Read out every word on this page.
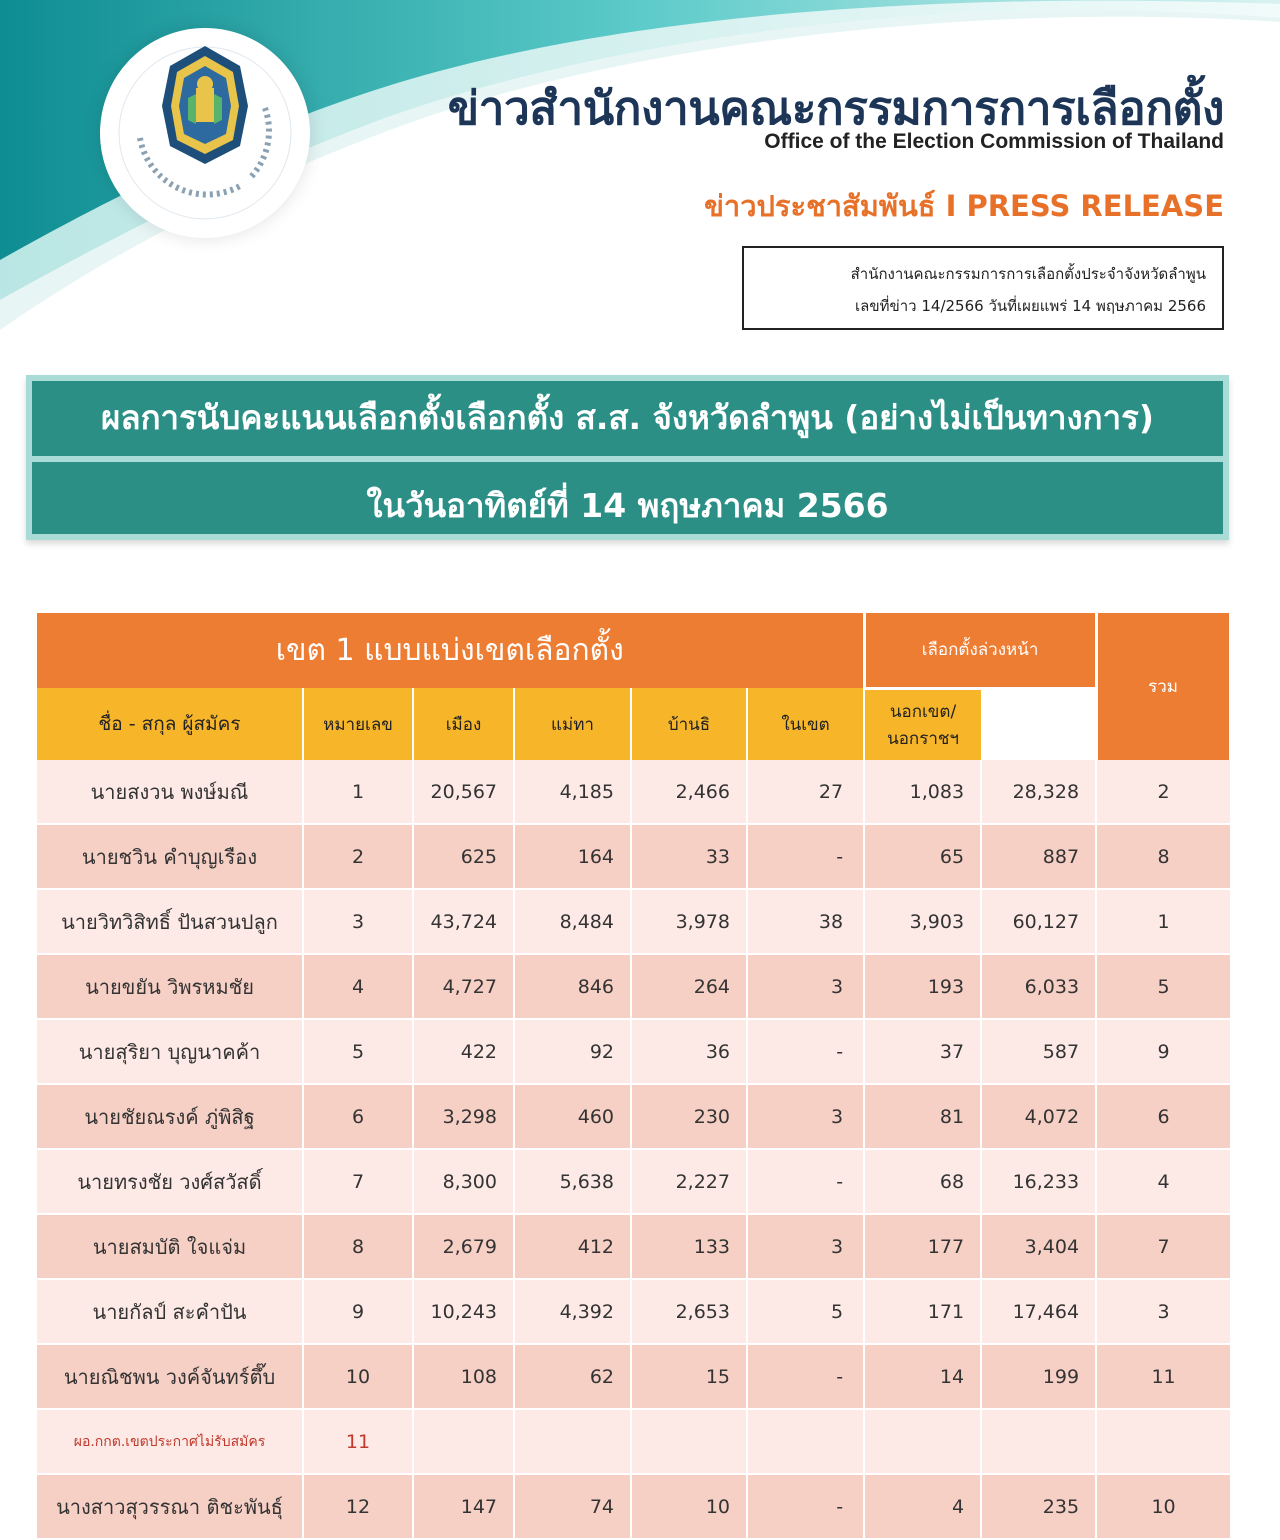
ข่าวสำนักงานคณะกรรมการการเลือกตั้ง
Office of the Election Commission of Thailand
ข่าวประชาสัมพันธ์ I PRESS RELEASE
สำนักงานคณะกรรมการการเลือกตั้งประจำจังหวัดลำพูน
เลขที่ข่าว 14/2566 วันที่เผยแพร่ 14 พฤษภาคม 2566
ผลการนับคะแนนเลือกตั้งเลือกตั้ง ส.ส. จังหวัดลำพูน (อย่างไม่เป็นทางการ)
ในวันอาทิตย์ที่ 14 พฤษภาคม 2566
เขต 1 แบบแบ่งเขตเลือกตั้ง						เลือกตั้งล่วงหน้า		รวม	ลำดับที่ได้
ชื่อ - สกุล ผู้สมัคร	หมายเลข	เมือง	แม่ทา	บ้านธิ	ในเขต	นอกเขต/
นอกราชฯ			

นายสงวน พงษ์มณี	1	20,567	4,185	2,466	27	1,083	28,328	2	
นายชวิน คำบุญเรือง	2	625	164	33	-	65	887	8	
นายวิทวิสิทธิ์ ปันสวนปลูก	3	43,724	8,484	3,978	38	3,903	60,127	1	
นายขยัน วิพรหมชัย	4	4,727	846	264	3	193	6,033	5	
นายสุริยา บุญนาคค้า	5	422	92	36	-	37	587	9	
นายชัยณรงค์ ภู่พิสิฐ	6	3,298	460	230	3	81	4,072	6	
นายทรงชัย วงศ์สวัสดิ์	7	8,300	5,638	2,227	-	68	16,233	4	
นายสมบัติ ใจแจ่ม	8	2,679	412	133	3	177	3,404	7	
นายกัลป์ สะคำปัน	9	10,243	4,392	2,653	5	171	17,464	3	
นายณิชพน วงค์จันทร์ตึ๊บ	10	108	62	15	-	14	199	11	
ผอ.กกต.เขตประกาศไม่รับสมัคร	11								
นางสาวสุวรรณา ติชะพันธุ์	12	147	74	10	-	4	235	10	
